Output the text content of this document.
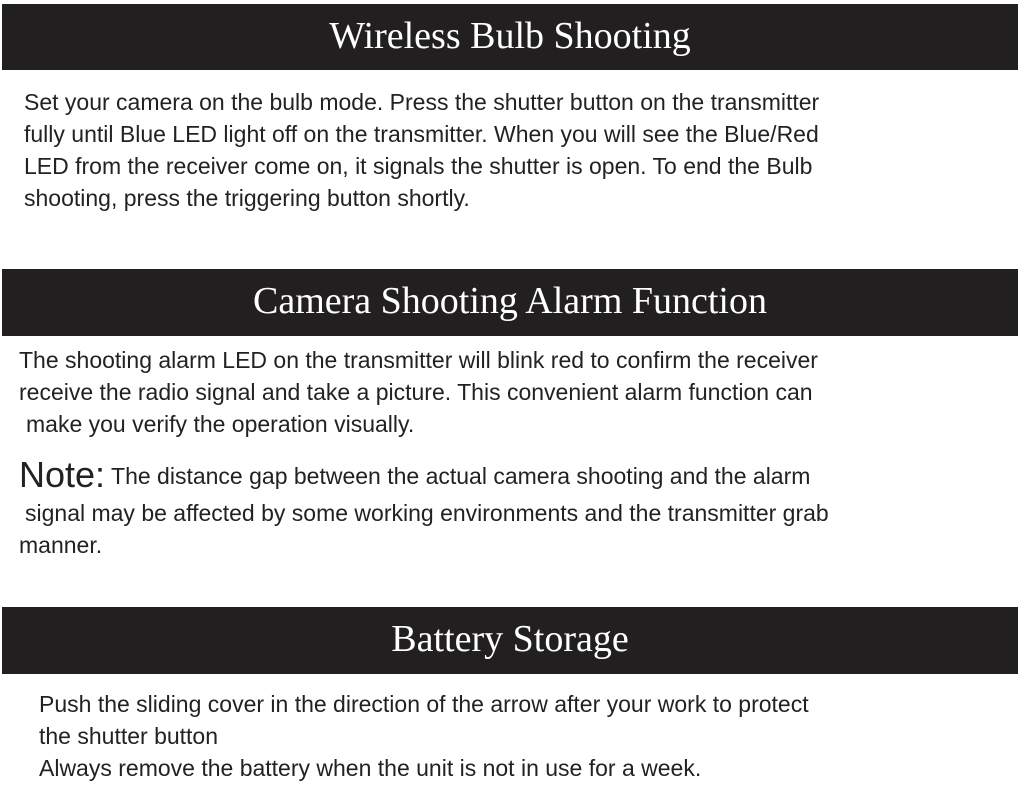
Wireless Bulb Shooting
Set your camera on the bulb mode. Press the shutter button on the transmitter
fully until Blue LED light off on the transmitter. When you will see the Blue/Red
LED from the receiver come on, it signals the shutter is open. To end the Bulb
shooting, press the triggering button shortly.
Camera Shooting Alarm Function
The shooting alarm LED on the transmitter will blink red to confirm the receiver
receive the radio signal and take a picture. This convenient alarm function can
make you verify the operation visually.
Note: The distance gap between the actual camera shooting and the alarm
signal may be affected by some working environments and the transmitter grab
manner.
Battery Storage
Push the sliding cover in the direction of the arrow after your work to protect
the shutter button
Always remove the battery when the unit is not in use for a week.
